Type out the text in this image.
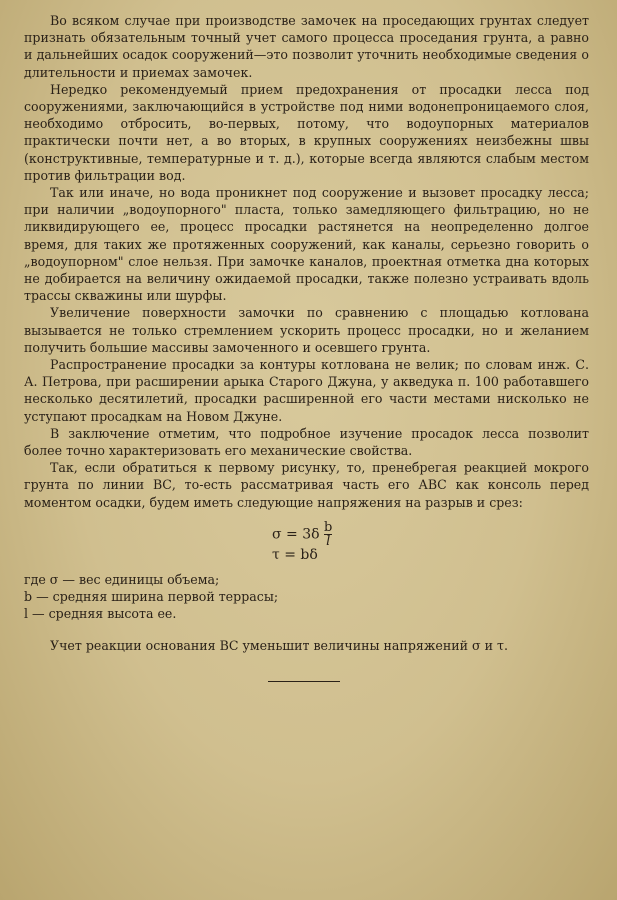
Во всяком случае при производстве замочек на проседающих грунтах следует признать обязательным точный учет самого процесса проседания грунта, а равно и дальнейших осадок сооружений—это позволит уточнить необходимые сведения о длительности и приемах замочек.

Нередко рекомендуемый прием предохранения от просадки лесса под сооружениями, заключающийся в устройстве под ними водонепроницаемого слоя, необходимо отбросить, во-первых, потому, что водоупорных материалов практически почти нет, а во вторых, в крупных сооружениях неизбежны швы (конструктивные, температурные и т. д.), которые всегда являются слабым местом против фильтрации вод.

Так или иначе, но вода проникнет под сооружение и вызовет просадку лесса; при наличии „водоупорного" пласта, только замедляющего фильтрацию, но не ликвидирующего ее, процесс просадки растянется на неопределенно долгое время, для таких же протяженных сооружений, как каналы, серьезно говорить о „водоупорном" слое нельзя. При замочке каналов, проектная отметка дна которых не добирается на величину ожидаемой просадки, также полезно устраивать вдоль трассы скважины или шурфы.

Увеличение поверхности замочки по сравнению с площадью котлована вызывается не только стремлением ускорить процесс просадки, но и желанием получить большие массивы замоченного и осевшего грунта.

Распространение просадки за контуры котлована не велик; по словам инж. С. А. Петрова, при расширении арыка Старого Джуна, у акведука п. 100 работавшего несколько десятилетий, просадки расширенной его части местами нисколько не уступают просадкам на Новом Джуне.

В заключение отметим, что подробное изучение просадок лесса позволит более точно характеризовать его механические свойства.

Так, если обратиться к первому рисунку, то, пренебрегая реакцией мокрого грунта по линии ВС, то-есть рассматривая часть его АВС как консоль перед моментом осадки, будем иметь следующие напряжения на разрыв и срез:

$\sigma = 3\delta \frac{b}{l}$
τ = bδ
где σ — вес единицы объема;
b — средняя ширина первой террасы;
l — средняя высота ее.

Учет реакции основания ВС уменьшит величины напряжений σ и τ.
